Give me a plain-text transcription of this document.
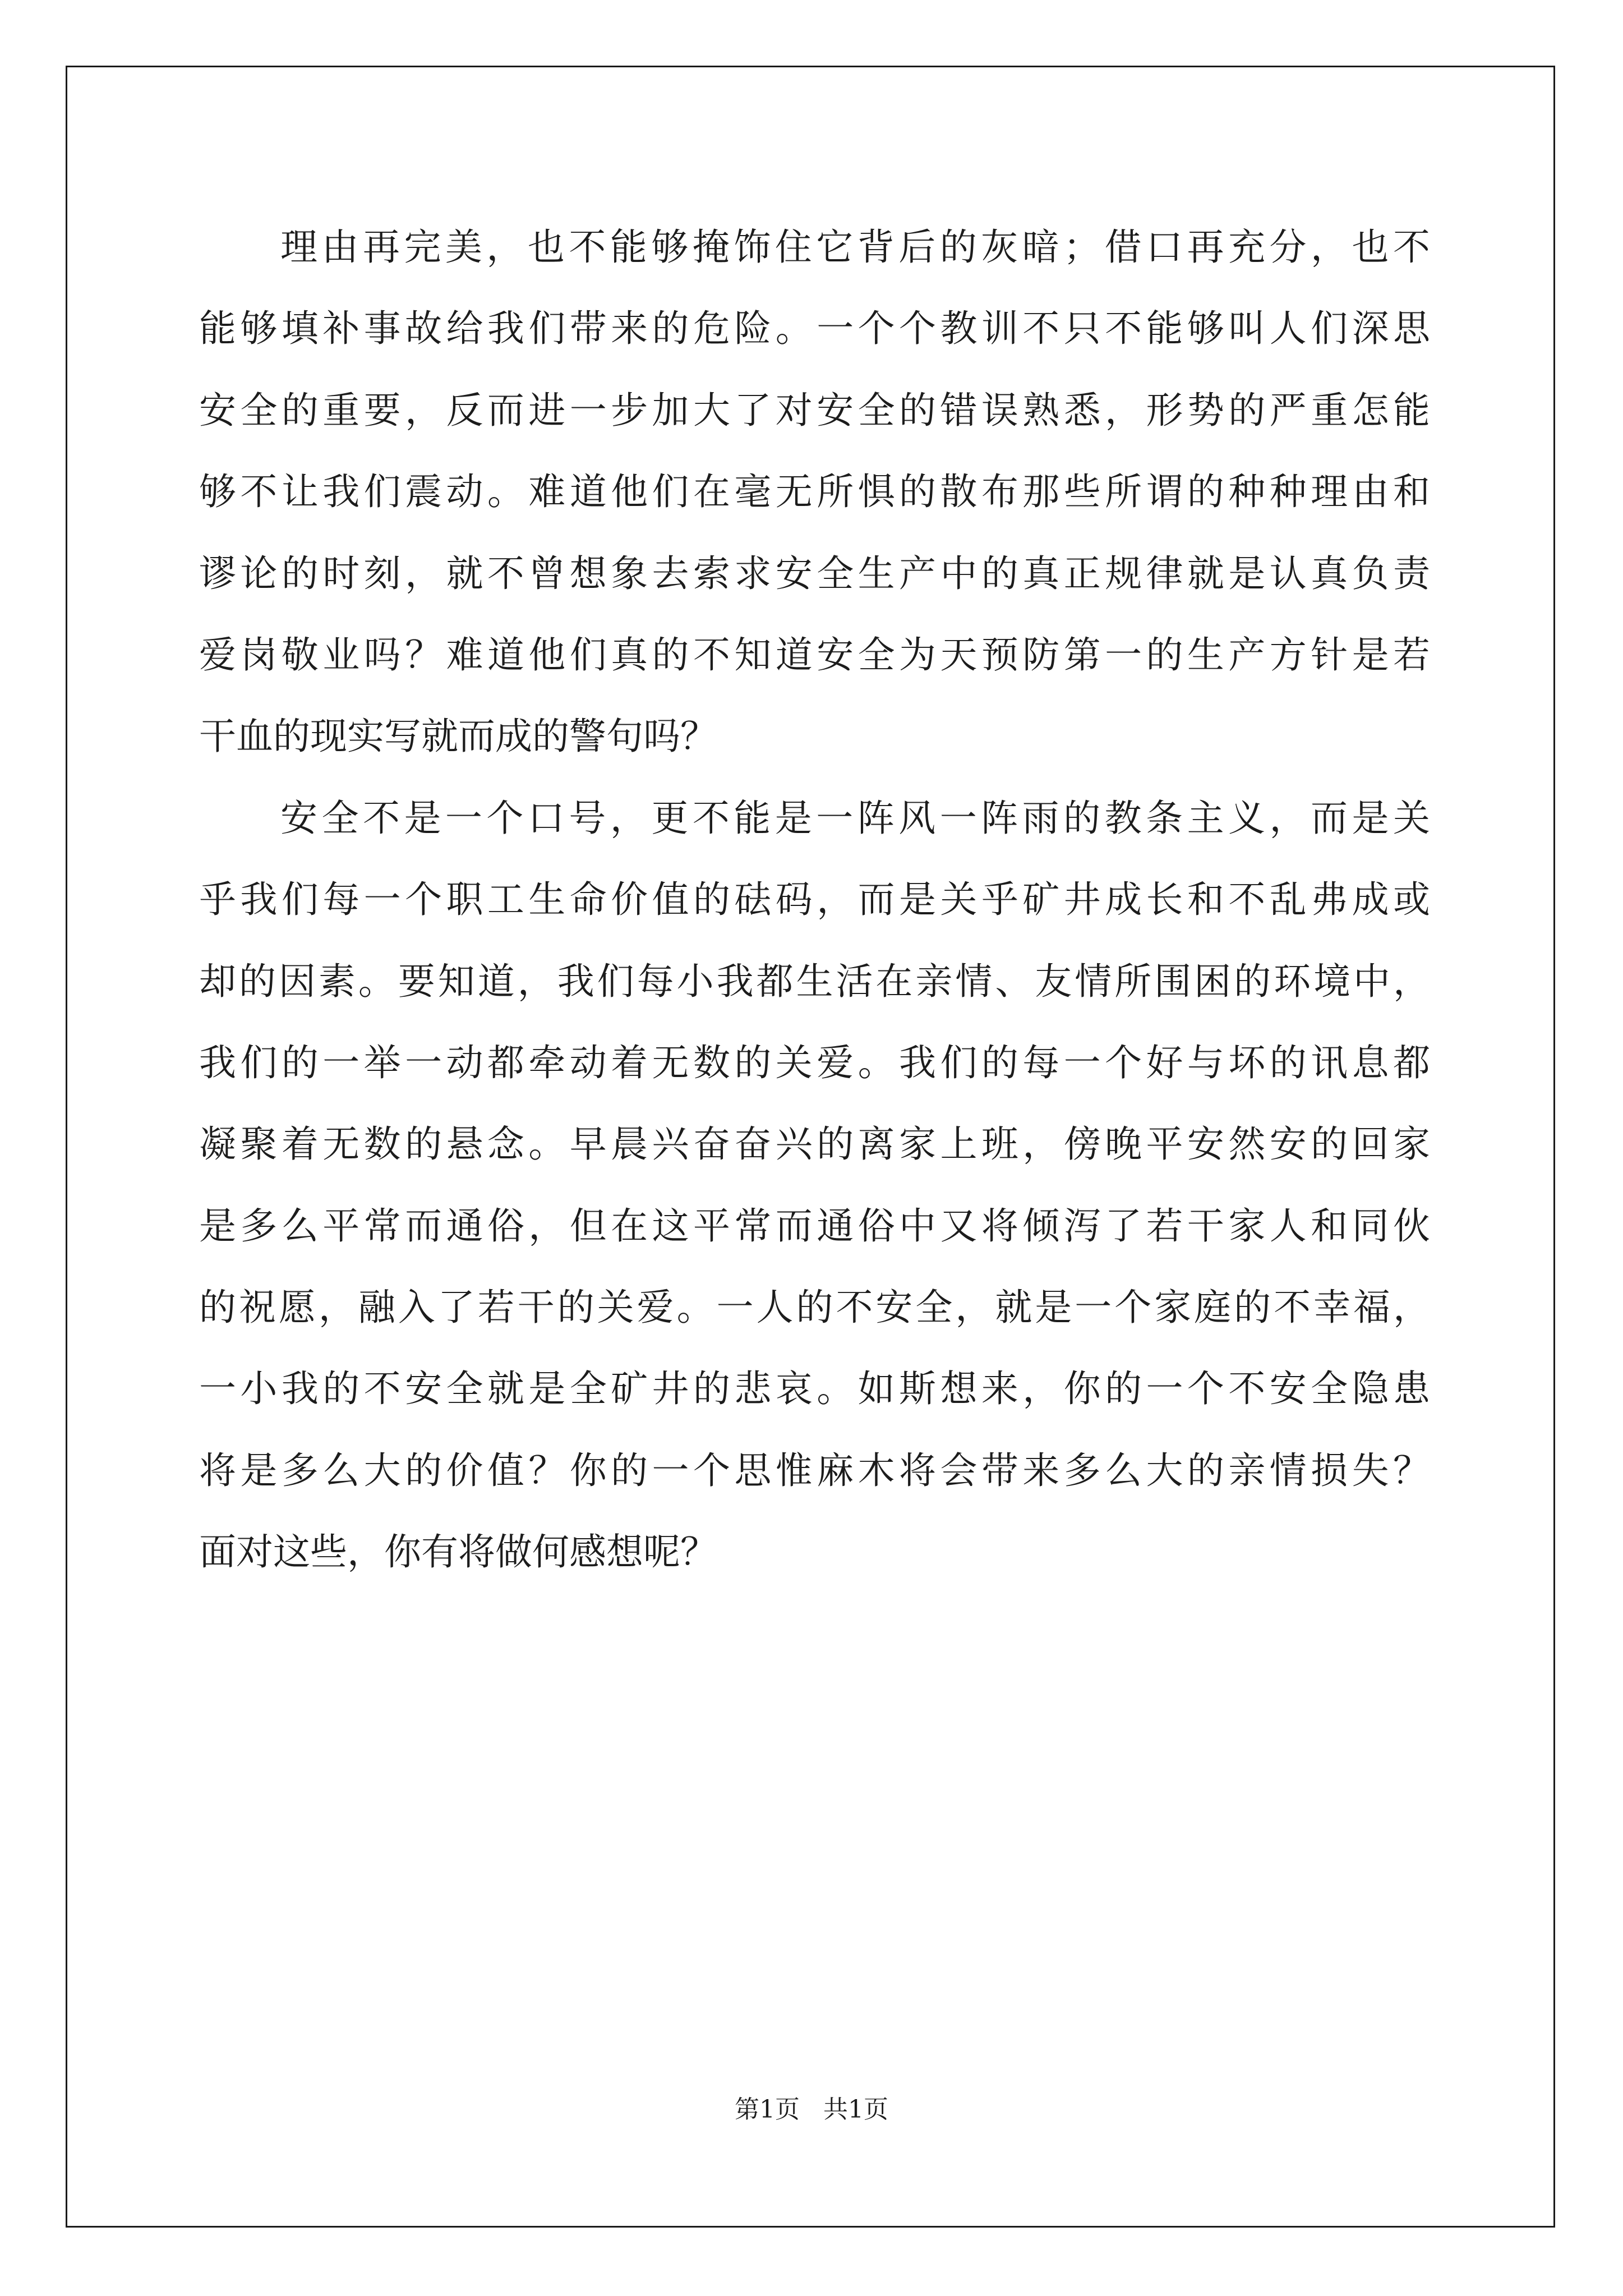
理由再完美，也不能够掩饰住它背后的灰暗；借口再充分，也不
能够填补事故给我们带来的危险。一个个教训不只不能够叫人们深思
安全的重要，反而进一步加大了对安全的错误熟悉，形势的严重怎能
够不让我们震动。难道他们在毫无所惧的散布那些所谓的种种理由和
谬论的时刻，就不曾想象去索求安全生产中的真正规律就是认真负责
爱岗敬业吗？难道他们真的不知道安全为天预防第一的生产方针是若
干血的现实写就而成的警句吗？
安全不是一个口号，更不能是一阵风一阵雨的教条主义，而是关
乎我们每一个职工生命价值的砝码，而是关乎矿井成长和不乱弗成或
却的因素。要知道，我们每小我都生活在亲情、友情所围困的环境中，
我们的一举一动都牵动着无数的关爱。我们的每一个好与坏的讯息都
凝聚着无数的悬念。早晨兴奋奋兴的离家上班，傍晚平安然安的回家
是多么平常而通俗，但在这平常而通俗中又将倾泻了若干家人和同伙
的祝愿，融入了若干的关爱。一人的不安全，就是一个家庭的不幸福，
一小我的不安全就是全矿井的悲哀。如斯想来，你的一个不安全隐患
将是多么大的价值？你的一个思惟麻木将会带来多么大的亲情损失？
面对这些，你有将做何感想呢？
第1页   共1页
